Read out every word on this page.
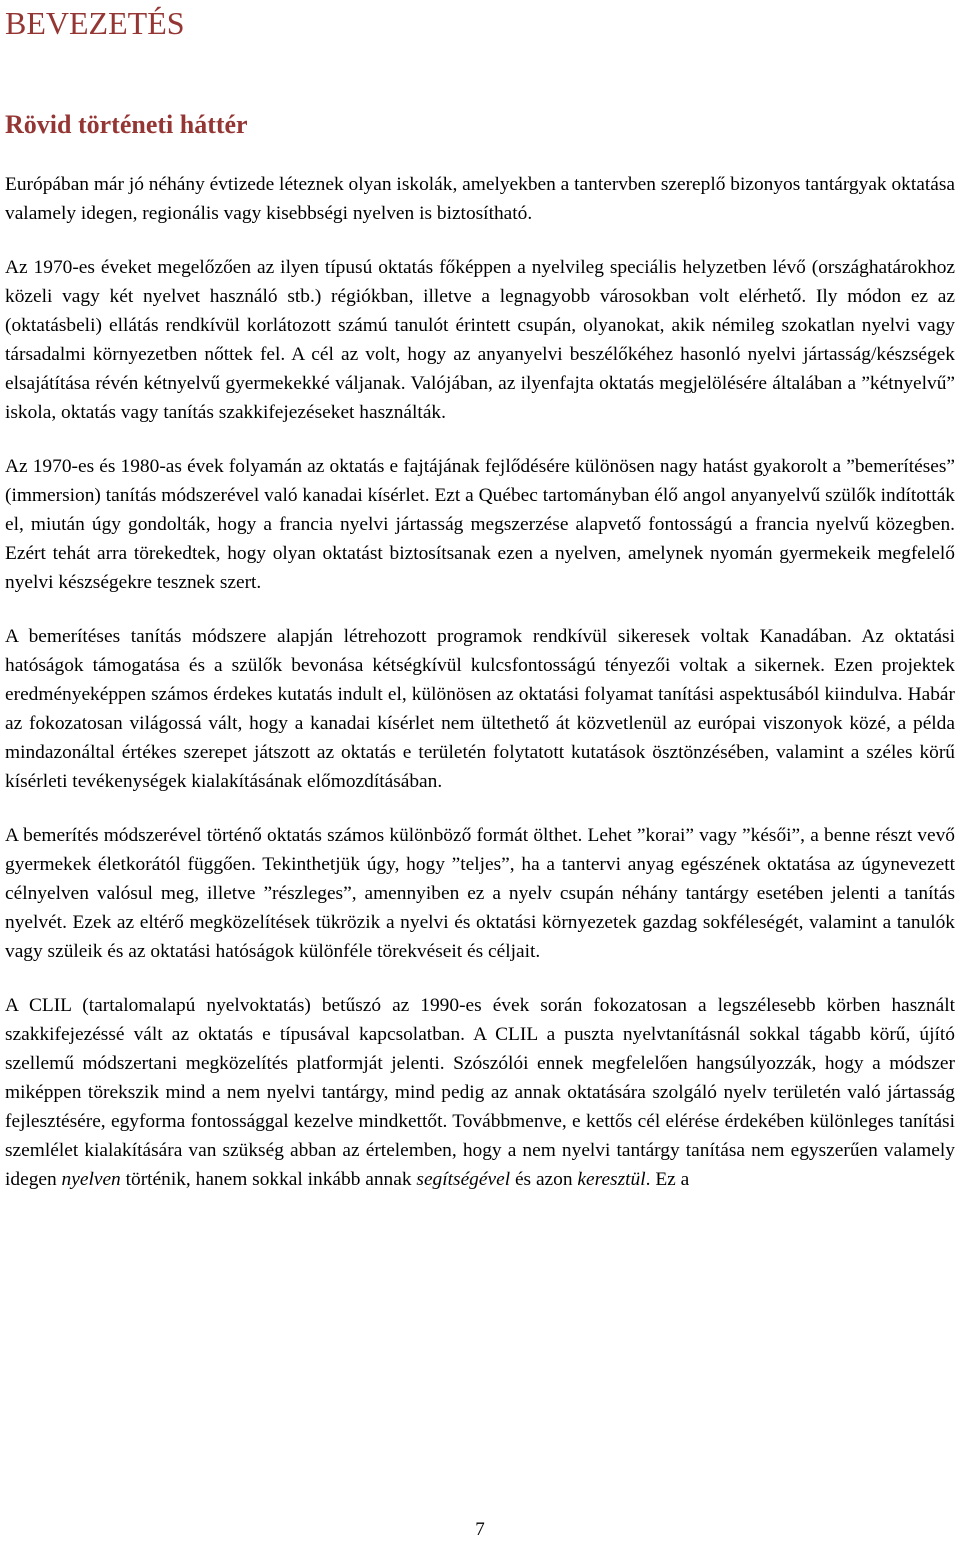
BEVEZETÉS
Rövid történeti háttér

Európában már jó néhány évtizede léteznek olyan iskolák, amelyekben a tantervben szereplő bizonyos tantárgyak oktatása valamely idegen, regionális vagy kisebbségi nyelven is biztosítható.

Az 1970-es éveket megelőzően az ilyen típusú oktatás főképpen a nyelvileg speciális helyzetben lévő (országhatárokhoz közeli vagy két nyelvet használó stb.) régiókban, illetve a legnagyobb városokban volt elérhető. Ily módon ez az (oktatásbeli) ellátás rendkívül korlátozott számú tanulót érintett csupán, olyanokat, akik némileg szokatlan nyelvi vagy társadalmi környezetben nőttek fel. A cél az volt, hogy az anyanyelvi beszélőkéhez hasonló nyelvi jártasság/készségek elsajátítása révén kétnyelvű gyermekekké váljanak. Valójában, az ilyenfajta oktatás megjelölésére általában a ”kétnyelvű” iskola, oktatás vagy tanítás szakkifejezéseket használták.

Az 1970-es és 1980-as évek folyamán az oktatás e fajtájának fejlődésére különösen nagy hatást gyakorolt a ”bemerítéses” (immersion) tanítás módszerével való kanadai kísérlet. Ezt a Québec tartományban élő angol anyanyelvű szülők indították el, miután úgy gondolták, hogy a francia nyelvi jártasság megszerzése alapvető fontosságú a francia nyelvű közegben. Ezért tehát arra törekedtek, hogy olyan oktatást biztosítsanak ezen a nyelven, amelynek nyomán gyermekeik megfelelő nyelvi készségekre tesznek szert.

A bemerítéses tanítás módszere alapján létrehozott programok rendkívül sikeresek voltak Kanadában. Az oktatási hatóságok támogatása és a szülők bevonása kétségkívül kulcsfontosságú tényezői voltak a sikernek. Ezen projektek eredményeképpen számos érdekes kutatás indult el, különösen az oktatási folyamat tanítási aspektusából kiindulva. Habár az fokozatosan világossá vált, hogy a kanadai kísérlet nem ültethető át közvetlenül az európai viszonyok közé, a példa mindazonáltal értékes szerepet játszott az oktatás e területén folytatott kutatások ösztönzésében, valamint a széles körű kísérleti tevékenységek kialakításának előmozdításában.

A bemerítés módszerével történő oktatás számos különböző formát ölthet. Lehet ”korai” vagy ”késői”, a benne részt vevő gyermekek életkorától függően. Tekinthetjük úgy, hogy ”teljes”, ha a tantervi anyag egészének oktatása az úgynevezett célnyelven valósul meg, illetve ”részleges”, amennyiben ez a nyelv csupán néhány tantárgy esetében jelenti a tanítás nyelvét. Ezek az eltérő megközelítések tükrözik a nyelvi és oktatási környezetek gazdag sokféleségét, valamint a tanulók vagy szüleik és az oktatási hatóságok különféle törekvéseit és céljait.

A CLIL (tartalomalapú nyelvoktatás) betűszó az 1990-es évek során fokozatosan a legszélesebb körben használt szakkifejezéssé vált az oktatás e típusával kapcsolatban. A CLIL a puszta nyelvtanításnál sokkal tágabb körű, újító szellemű módszertani megközelítés platformját jelenti. Szószólói ennek megfelelően hangsúlyozzák, hogy a módszer miképpen törekszik mind a nem nyelvi tantárgy, mind pedig az annak oktatására szolgáló nyelv területén való jártasság fejlesztésére, egyforma fontossággal kezelve mindkettőt. Továbbmenve, e kettős cél elérése érdekében különleges tanítási szemlélet kialakítására van szükség abban az értelemben, hogy a nem nyelvi tantárgy tanítása nem egyszerűen valamely idegen nyelven történik, hanem sokkal inkább annak segítségével és azon keresztül. Ez a

7
